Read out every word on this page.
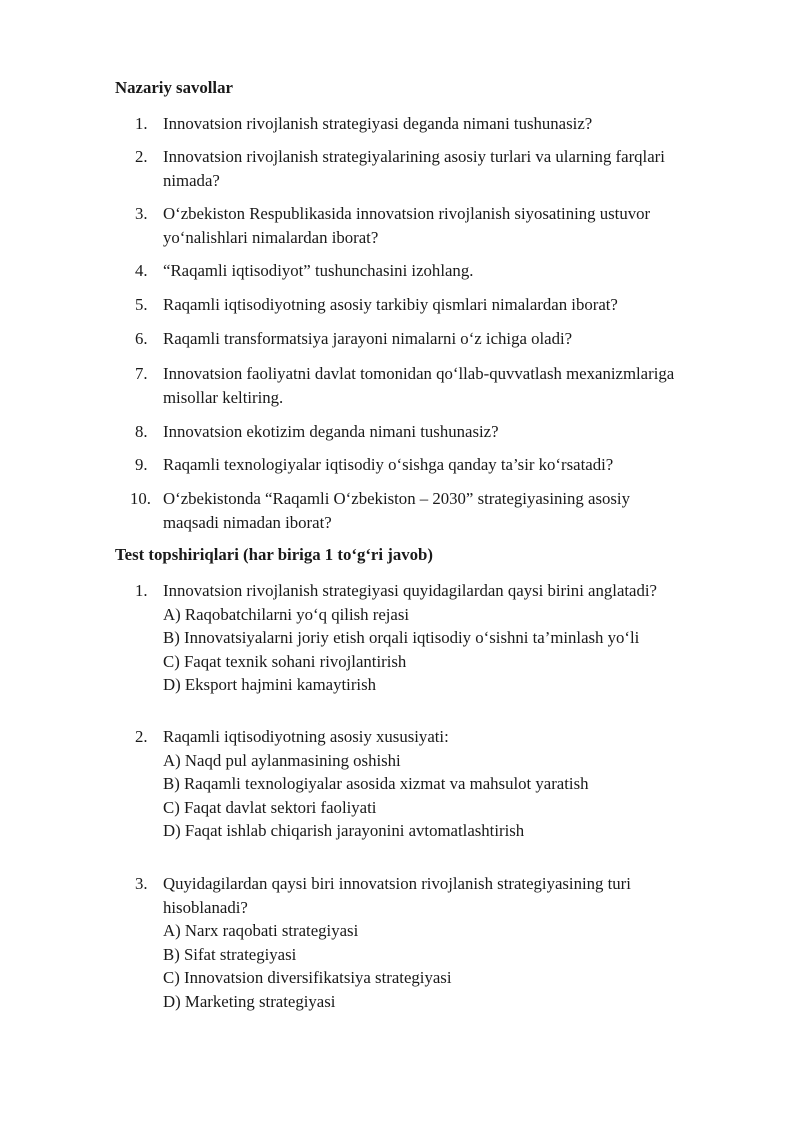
Nazariy savollar
1. Innovatsion rivojlanish strategiyasi deganda nimani tushunasiz?
2. Innovatsion rivojlanish strategiyalarining asosiy turlari va ularning farqlari
nimada?
3. O‘zbekiston Respublikasida innovatsion rivojlanish siyosatining ustuvor
yo‘nalishlari nimalardan iborat?
4. “Raqamli iqtisodiyot” tushunchasini izohlang.
5. Raqamli iqtisodiyotning asosiy tarkibiy qismlari nimalardan iborat?
6. Raqamli transformatsiya jarayoni nimalarni o‘z ichiga oladi?
7. Innovatsion faoliyatni davlat tomonidan qo‘llab-quvvatlash mexanizmlariga
misollar keltiring.
8. Innovatsion ekotizim deganda nimani tushunasiz?
9. Raqamli texnologiyalar iqtisodiy o‘sishga qanday ta’sir ko‘rsatadi?
10. O‘zbekistonda “Raqamli O‘zbekiston – 2030” strategiyasining asosiy
maqsadi nimadan iborat?
Test topshiriqlari (har biriga 1 to‘g‘ri javob)
1. Innovatsion rivojlanish strategiyasi quyidagilardan qaysi birini anglatadi?
A) Raqobatchilarni yo‘q qilish rejasi
B) Innovatsiyalarni joriy etish orqali iqtisodiy o‘sishni ta’minlash yo‘li
C) Faqat texnik sohani rivojlantirish
D) Eksport hajmini kamaytirish
2. Raqamli iqtisodiyotning asosiy xususiyati:
A) Naqd pul aylanmasining oshishi
B) Raqamli texnologiyalar asosida xizmat va mahsulot yaratish
C) Faqat davlat sektori faoliyati
D) Faqat ishlab chiqarish jarayonini avtomatlashtirish
3. Quyidagilardan qaysi biri innovatsion rivojlanish strategiyasining turi
hisoblanadi?
A) Narx raqobati strategiyasi
B) Sifat strategiyasi
C) Innovatsion diversifikatsiya strategiyasi
D) Marketing strategiyasi
